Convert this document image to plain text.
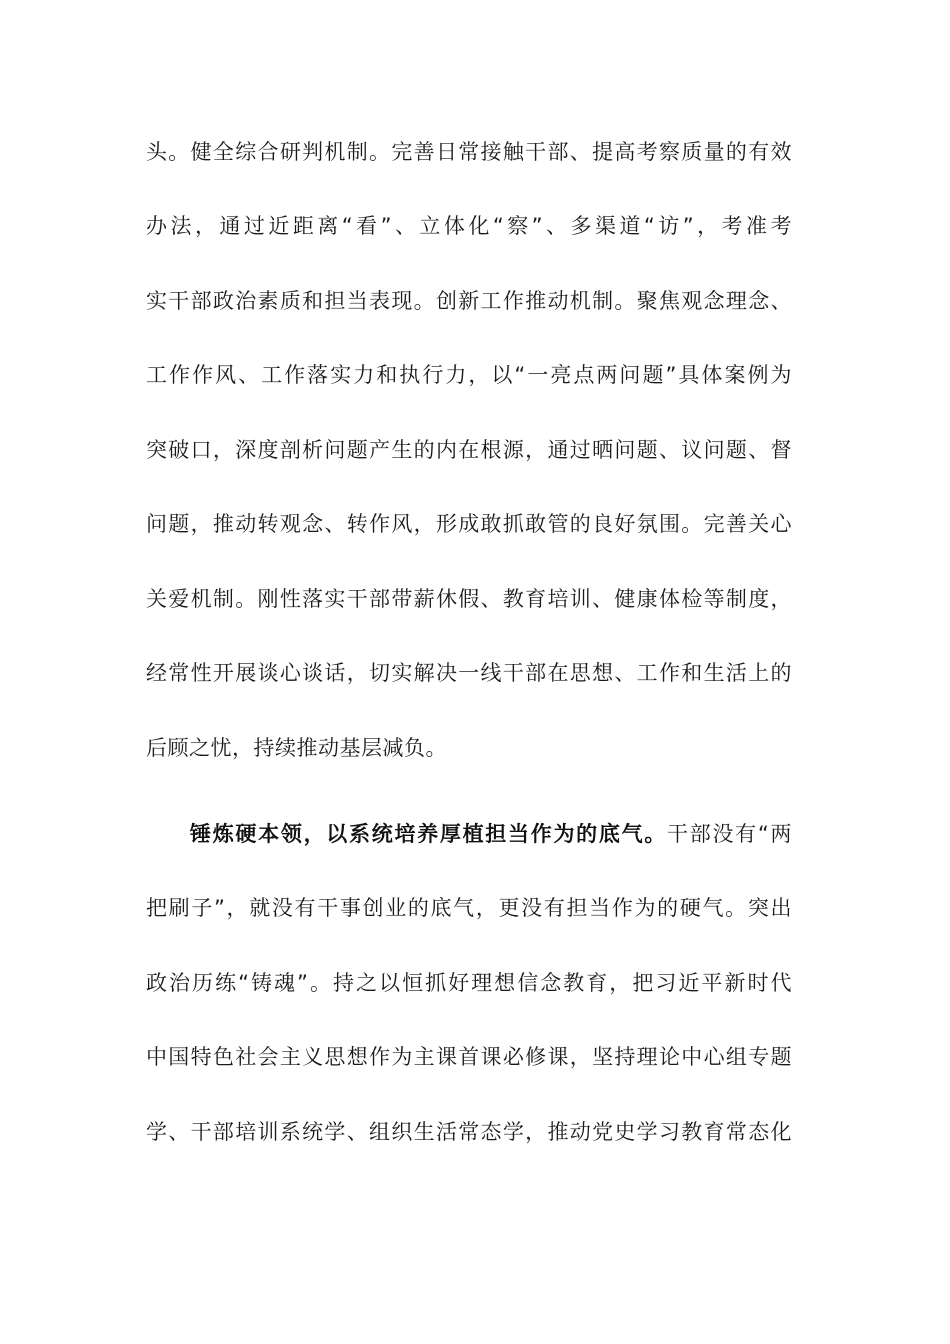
头。健全综合研判机制。完善日常接触干部、提高考察质量的有效
办法，通过近距离“看”、立体化“察”、多渠道“访”，考准考
实干部政治素质和担当表现。创新工作推动机制。聚焦观念理念、
工作作风、工作落实力和执行力，以“一亮点两问题”具体案例为
突破口，深度剖析问题产生的内在根源，通过晒问题、议问题、督
问题，推动转观念、转作风，形成敢抓敢管的良好氛围。完善关心
关爱机制。刚性落实干部带薪休假、教育培训、健康体检等制度，
经常性开展谈心谈话，切实解决一线干部在思想、工作和生活上的
后顾之忧，持续推动基层减负。
锤炼硬本领，以系统培养厚植担当作为的底气。干部没有“两
把刷子”，就没有干事创业的底气，更没有担当作为的硬气。突出
政治历练“铸魂”。持之以恒抓好理想信念教育，把习近平新时代
中国特色社会主义思想作为主课首课必修课，坚持理论中心组专题
学、干部培训系统学、组织生活常态学，推动党史学习教育常态化
